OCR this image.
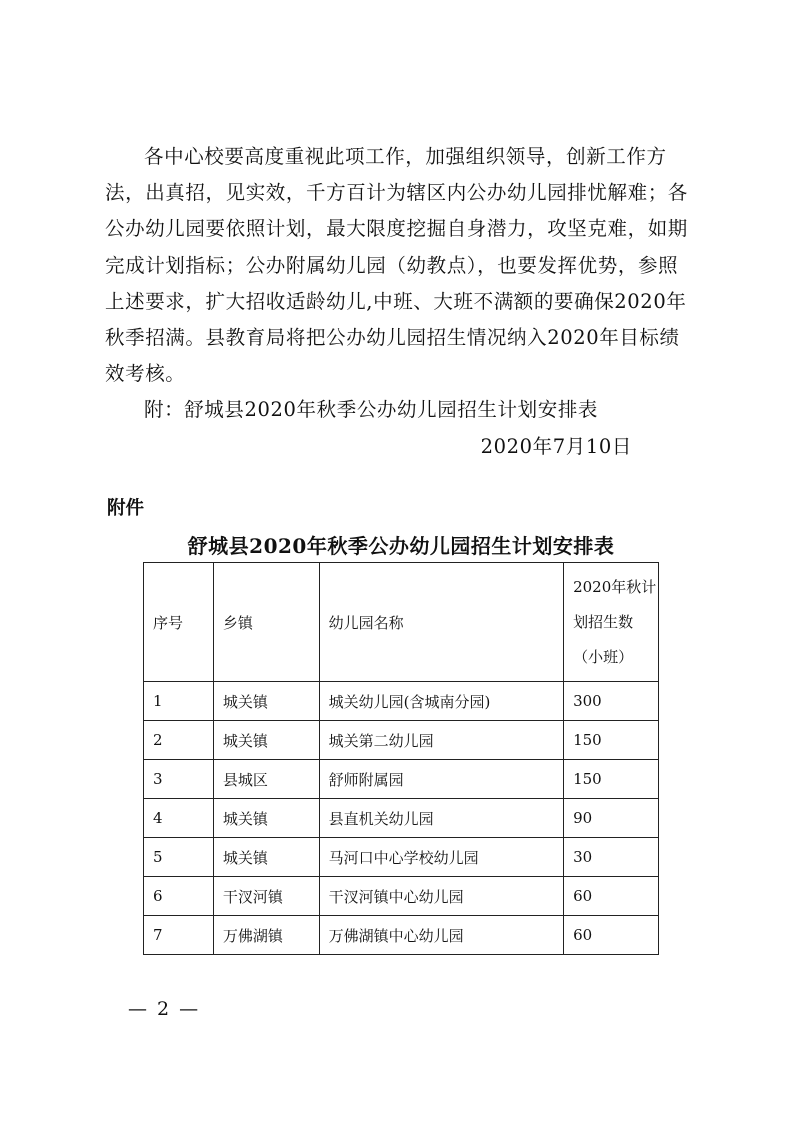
各中心校要高度重视此项工作，加强组织领导，创新工作方法，出真招，见实效，千方百计为辖区内公办幼儿园排忧解难；各公办幼儿园要依照计划，最大限度挖掘自身潜力，攻坚克难，如期完成计划指标；公办附属幼儿园（幼教点），也要发挥优势，参照上述要求，扩大招收适龄幼儿,中班、大班不满额的要确保2020年秋季招满。县教育局将把公办幼儿园招生情况纳入2020年目标绩效考核。

附：舒城县2020年秋季公办幼儿园招生计划安排表

2020年7月10日

附件
舒城县2020年秋季公办幼儿园招生计划安排表
序号	乡镇	幼儿园名称	2020年秋计划招生数（小班）
1	城关镇	城关幼儿园(含城南分园)	300
2	城关镇	城关第二幼儿园	150
3	县城区	舒师附属园	150
4	城关镇	县直机关幼儿园	90
5	城关镇	马河口中心学校幼儿园	30
6	干汊河镇	干汊河镇中心幼儿园	60
7	万佛湖镇	万佛湖镇中心幼儿园	60
— 2 —
